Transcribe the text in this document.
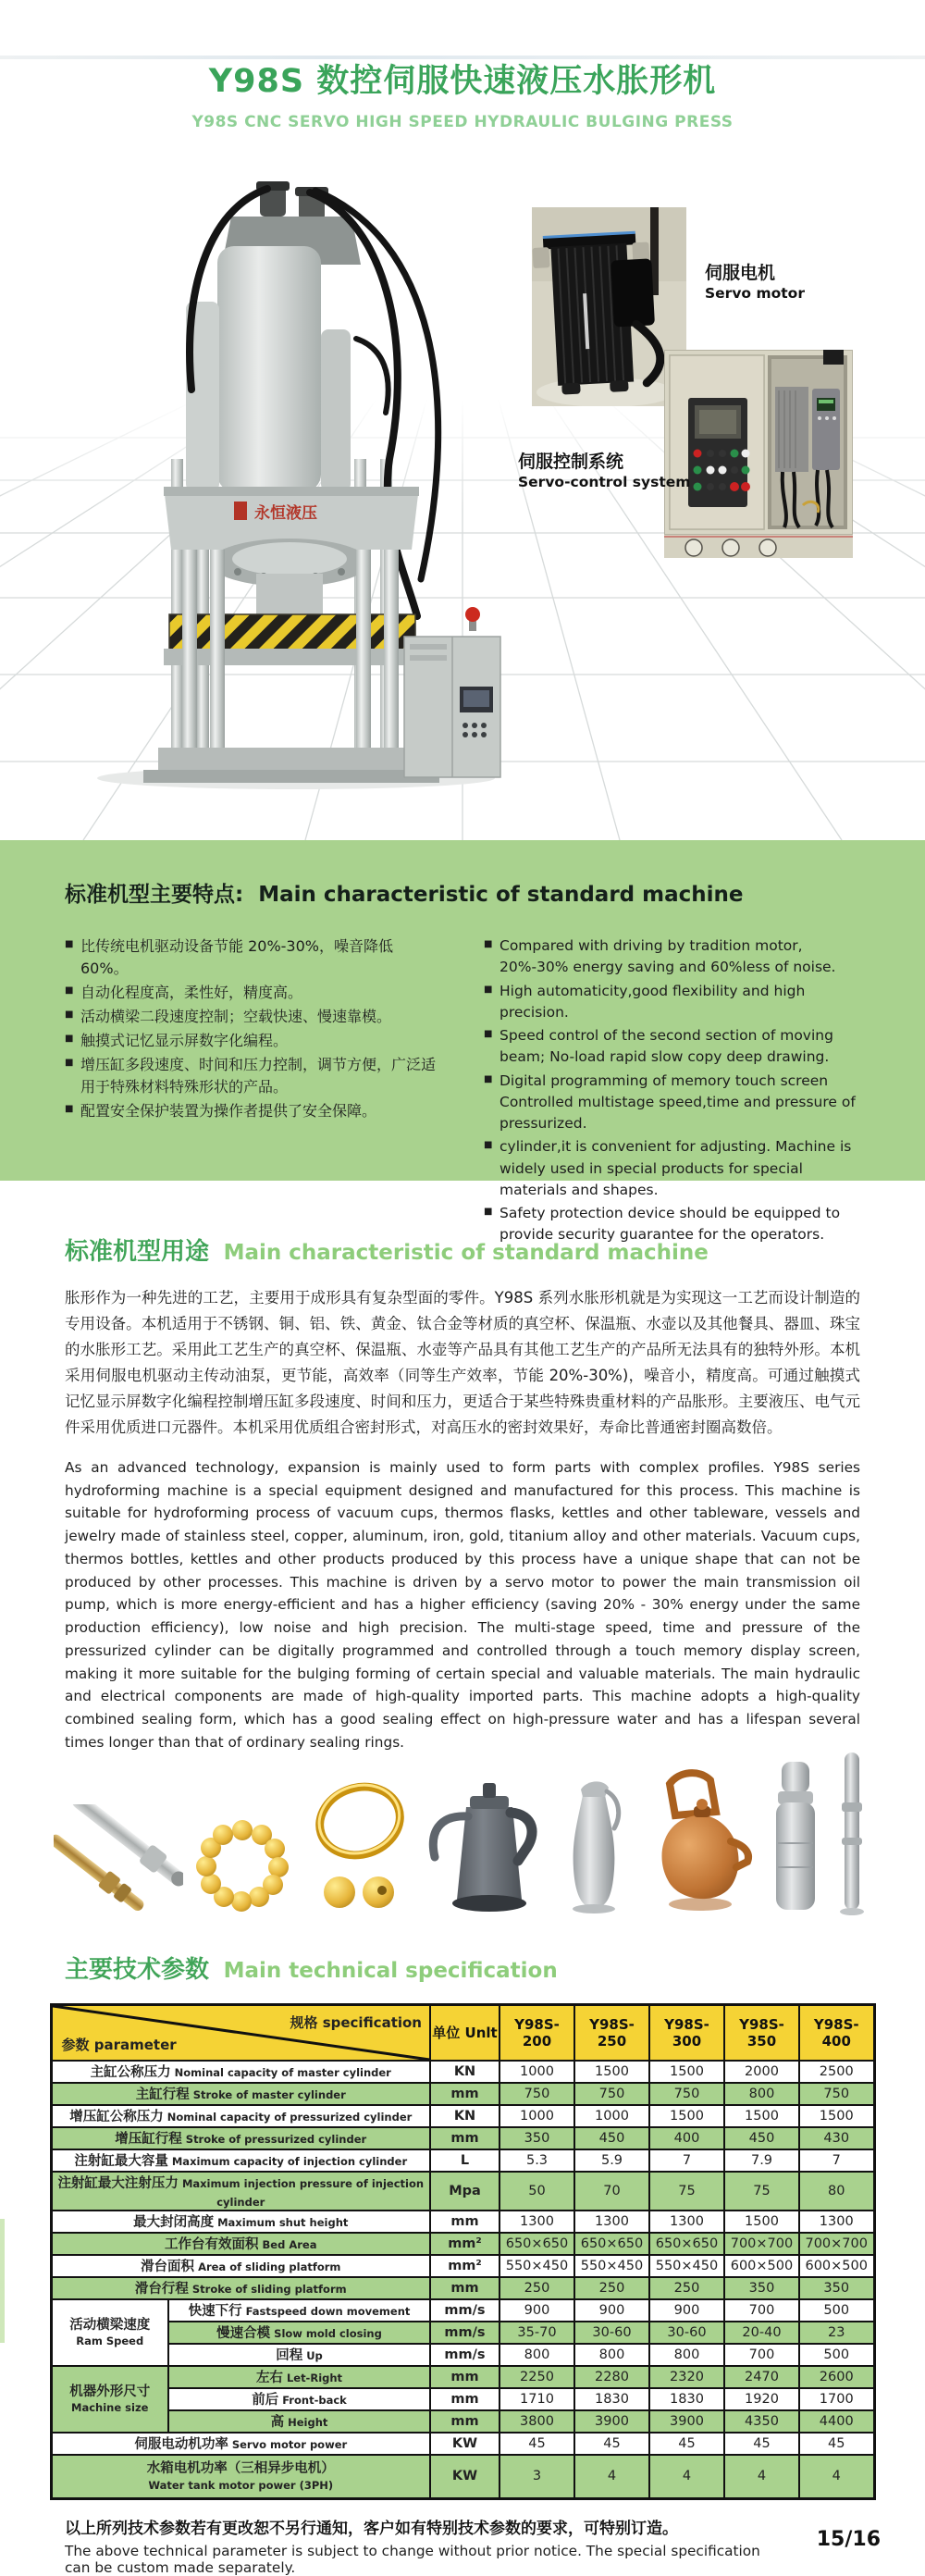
Y98S 数控伺服快速液压水胀形机
Y98S CNC SERVO HIGH SPEED HYDRAULIC BULGING PRESS
永恒液压
伺服电机
Servo motor
伺服控制系统
Servo-control system
标准机型主要特点: Main characteristic of standard machine
■ 比传统电机驱动设备节能 20%-30%，噪音降低 60%。
■ 自动化程度高，柔性好，精度高。
■ 活动横梁二段速度控制；空载快速、慢速靠模。
■ 触摸式记忆显示屏数字化编程。
■ 增压缸多段速度、时间和压力控制，调节方便，广泛适用于特殊材料特殊形状的产品。
■ 配置安全保护装置为操作者提供了安全保障。
■ Compared with driving by tradition motor, 20%-30% energy saving and 60%less of noise.
■ High automaticity,good flexibility and high precision.
■ Speed control of the second section of moving beam; No-load rapid slow copy deep drawing.
■ Digital programming of memory touch screen Controlled multistage speed,time and pressure of pressurized.
■ cylinder,it is convenient for adjusting. Machine is widely used in special products for special materials and shapes.
■ Safety protection device should be equipped to provide security guarantee for the operators.
标准机型用途 Main characteristic of standard machine

胀形作为一种先进的工艺，主要用于成形具有复杂型面的零件。Y98S 系列水胀形机就是为实现这一工艺而设计制造的专用设备。本机适用于不锈钢、铜、铝、铁、黄金、钛合金等材质的真空杯、保温瓶、水壶以及其他餐具、器皿、珠宝的水胀形工艺。采用此工艺生产的真空杯、保温瓶、水壶等产品具有其他工艺生产的产品所无法具有的独特外形。本机采用伺服电机驱动主传动油泵，更节能，高效率（同等生产效率，节能 20%-30%)，噪音小，精度高。可通过触摸式记忆显示屏数字化编程控制增压缸多段速度、时间和压力，更适合于某些特殊贵重材料的产品胀形。主要液压、电气元件采用优质进口元器件。本机采用优质组合密封形式，对高压水的密封效果好，寿命比普通密封圈高数倍。

As an advanced technology, expansion is mainly used to form parts with complex profiles. Y98S series hydroforming machine is a special equipment designed and manufactured for this process. This machine is suitable for hydroforming process of vacuum cups, thermos flasks, kettles and other tableware, vessels and jewelry made of stainless steel, copper, aluminum, iron, gold, titanium alloy and other materials. Vacuum cups, thermos bottles, kettles and other products produced by this process have a unique shape that can not be produced by other processes. This machine is driven by a servo motor to power the main transmission oil pump, which is more energy-efficient and has a higher efficiency (saving 20% - 30% energy under the same production efficiency), low noise and high precision. The multi-stage speed, time and pressure of the pressurized cylinder can be digitally programmed and controlled through a touch memory display screen, making it more suitable for the bulging forming of certain special and valuable materials. The main hydraulic and electrical components are made of high-quality imported parts. This machine adopts a high-quality combined sealing form, which has a good sealing effect on high-pressure water and has a lifespan several times longer than that of ordinary sealing rings.

主要技术参数 Main technical specification
规格 specification
参数 parameter		单位 Unlt	Y98S-200	Y98S-250	Y98S-300	Y98S-350	Y98S-400
主缸公称压力 Nominal capacity of master cylinder		KN	1000	1500	1500	2000	2500
主缸行程 Stroke of master cylinder		mm	750	750	750	800	750
增压缸公称压力 Nominal capacity of pressurized cylinder		KN	1000	1000	1500	1500	1500
增压缸行程 Stroke of pressurized cylinder		mm	350	450	400	450	430
注射缸最大容量 Maximum capacity of injection cylinder		L	5.3	5.9	7	7.9	7
注射缸最大注射压力 Maximum injection pressure of injection cylinder		Mpa	50	70	75	75	80
最大封闭高度 Maximum shut height		mm	1300	1300	1300	1500	1300
工作台有效面积 Bed Area		mm²	650×650	650×650	650×650	700×700	700×700
滑台面积 Area of sliding platform		mm²	550×450	550×450	550×450	600×500	600×500
滑台行程 Stroke of sliding platform		mm	250	250	250	350	350

活动横梁速度
Ram Speed	快速下行 Fastspeed down movement	mm/s	900	900	900	700	500
	慢速合模 Slow mold closing	mm/s	35-70	30-60	30-60	20-40	23
	回程 Up	mm/s	800	800	800	700	500

机器外形尺寸
Machine size	左右 Let-Right	mm	2250	2280	2320	2470	2600
	前后 Front-back	mm	1710	1830	1830	1920	1700
	高 Height	mm	3800	3900	3900	4350	4400
伺服电动机功率 Servo motor power		KW	45	45	45	45	45

水箱电机功率（三相异步电机）
Water tank motor power (3PH)		KW	3	4	4	4	4
以上所列技术参数若有更改恕不另行通知，客户如有特别技术参数的要求，可特别订造。
The above technical parameter is subject to change without prior notice. The special specification can be custom made separately.
15/16
